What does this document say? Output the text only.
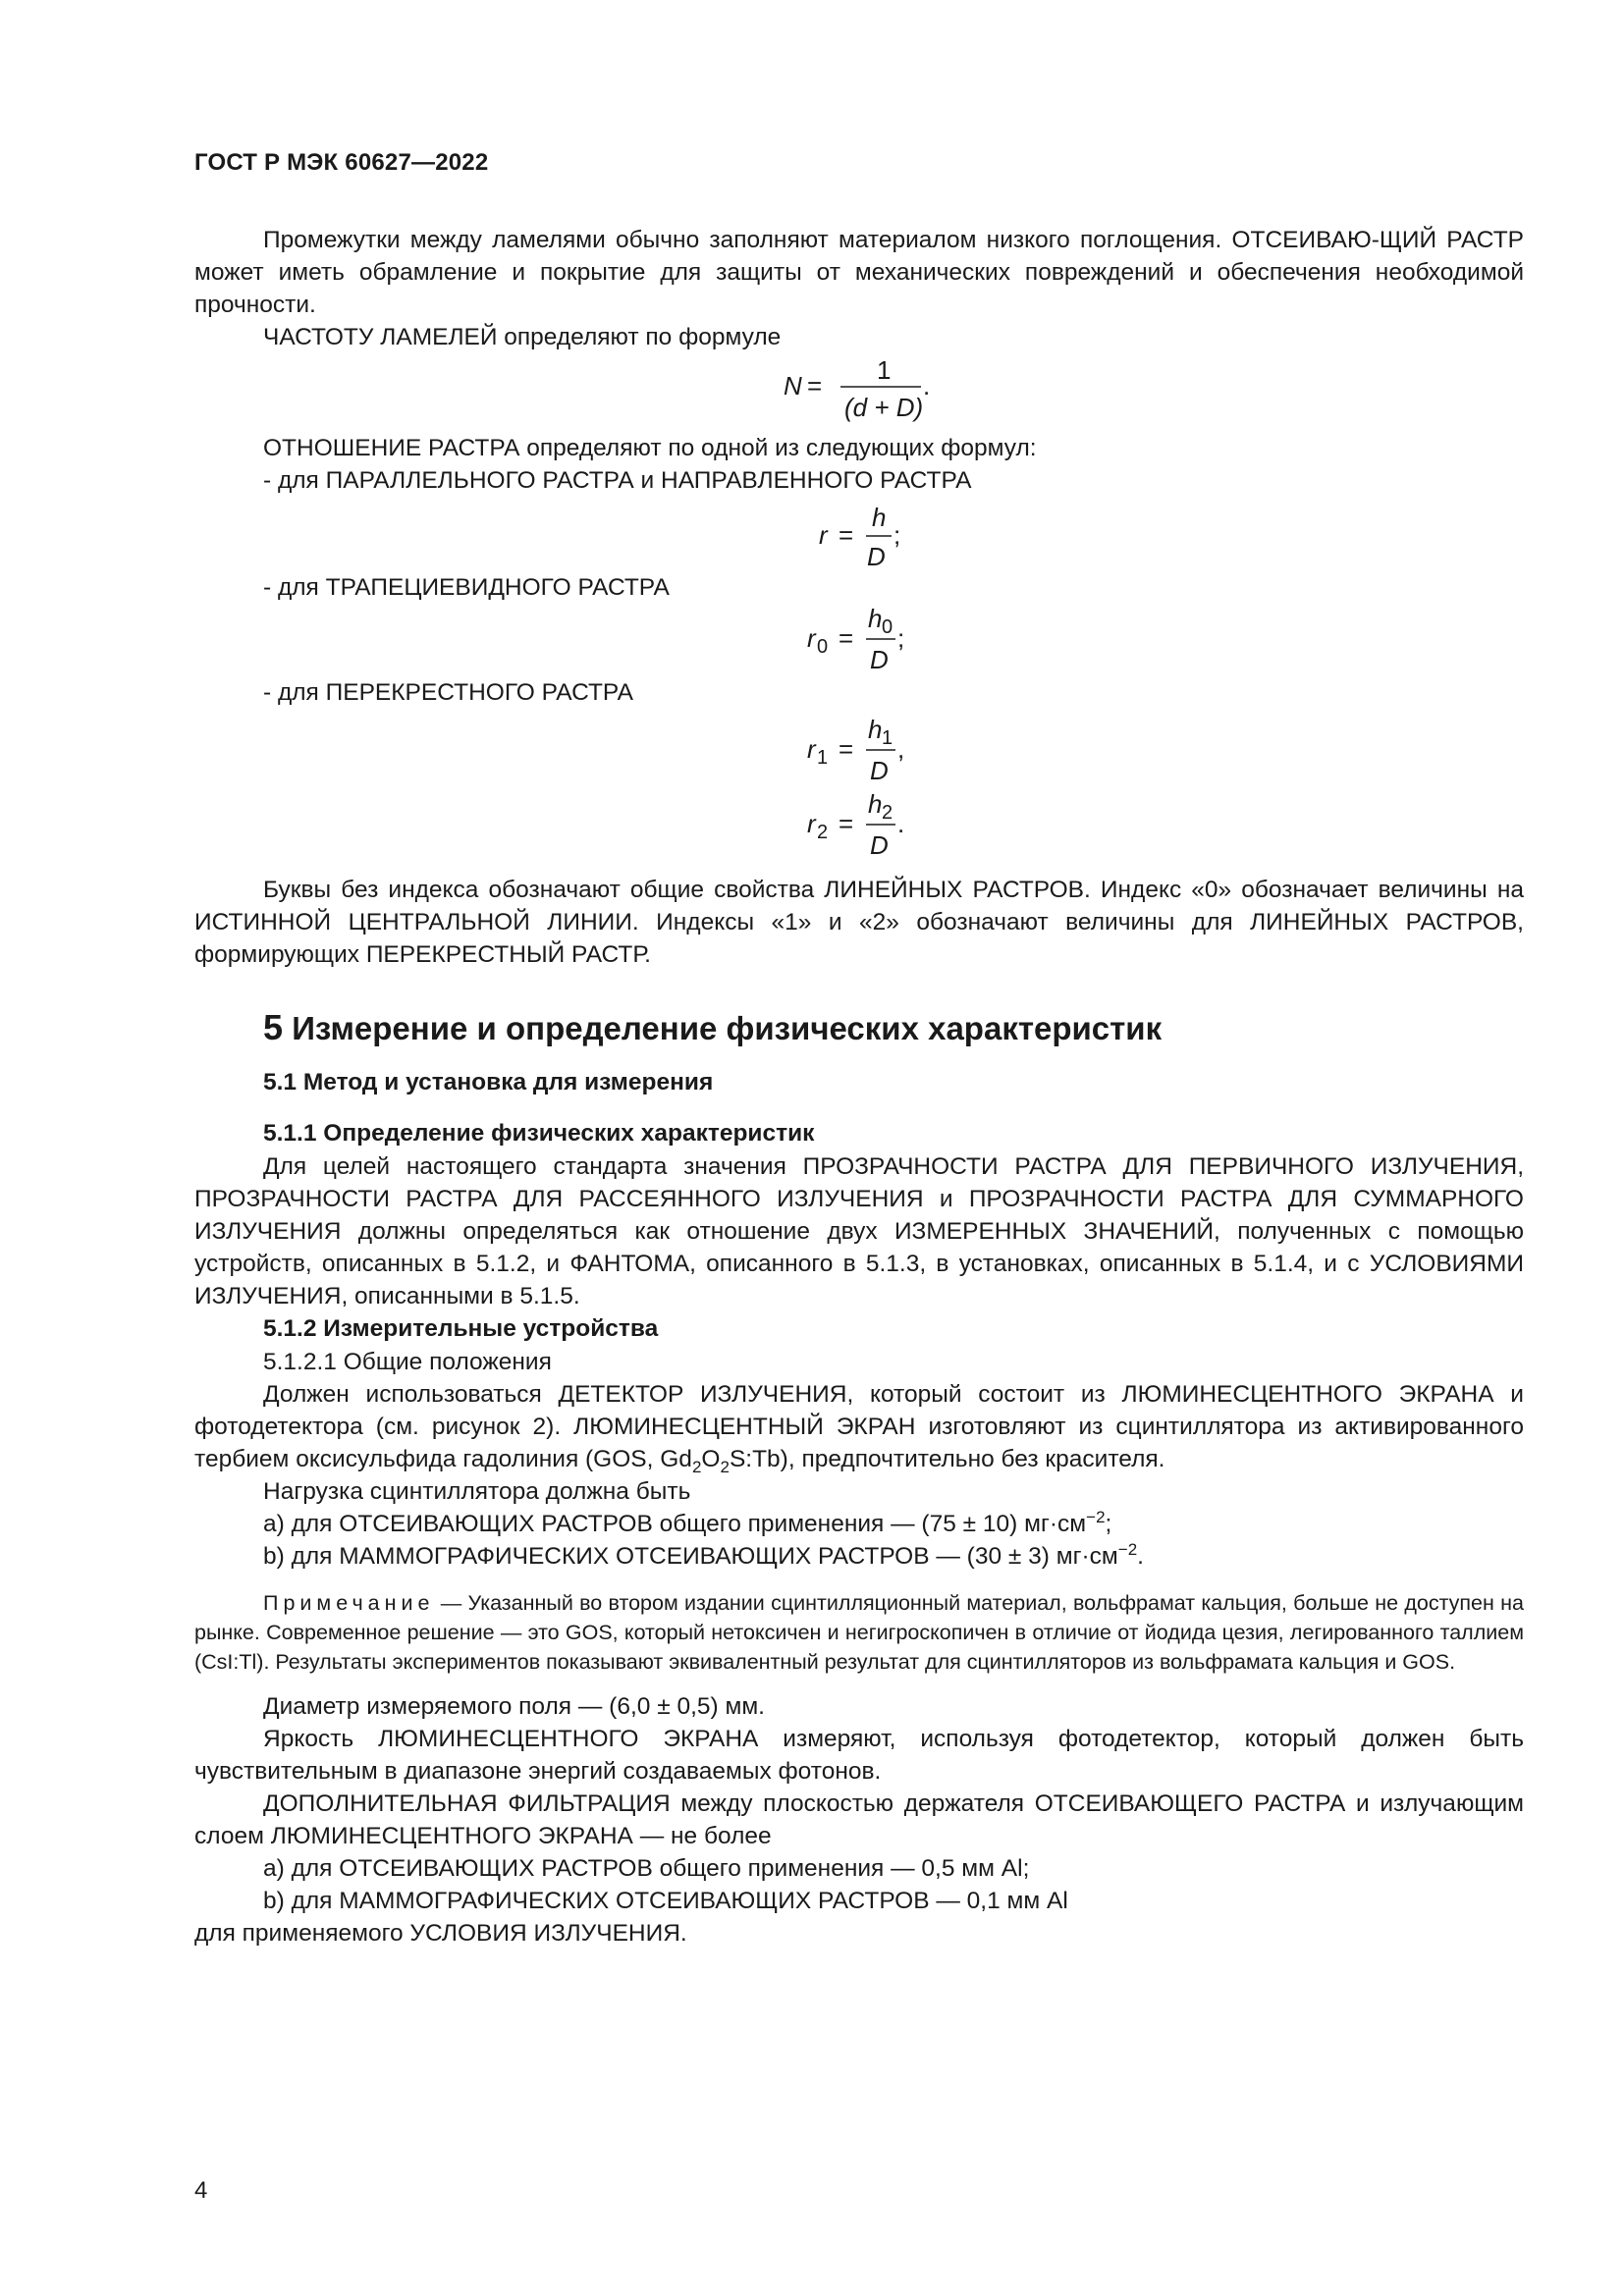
ГОСТ Р МЭК 60627—2022

Промежутки между ламелями обычно заполняют материалом низкого поглощения. ОТСЕИВАЮ-ЩИЙ РАСТР может иметь обрамление и покрытие для защиты от механических повреждений и обеспечения необходимой прочности.

ЧАСТОТУ ЛАМЕЛЕЙ определяют по формуле

N =
1
(d + D)
.

ОТНОШЕНИЕ РАСТРА определяют по одной из следующих формул:

- для ПАРАЛЛЕЛЬНОГО РАСТРА и НАПРАВЛЕННОГО РАСТРА

r =
h
D
;

- для ТРАПЕЦИЕВИДНОГО РАСТРА

r 0 =
h 0
D
;

- для ПЕРЕКРЕСТНОГО РАСТРА

r 1 =
h 1
D
,
r 2 =
h 2
D
.

Буквы без индекса обозначают общие свойства ЛИНЕЙНЫХ РАСТРОВ. Индекс «0» обозначает величины на ИСТИННОЙ ЦЕНТРАЛЬНОЙ ЛИНИИ. Индексы «1» и «2» обозначают величины для ЛИНЕЙНЫХ РАСТРОВ, формирующих ПЕРЕКРЕСТНЫЙ РАСТР.

5 Измерение и определение физических характеристик
5.1 Метод и установка для измерения
5.1.1 Определение физических характеристик

Для целей настоящего стандарта значения ПРОЗРАЧНОСТИ РАСТРА ДЛЯ ПЕРВИЧНОГО ИЗЛУЧЕНИЯ, ПРОЗРАЧНОСТИ РАСТРА ДЛЯ РАССЕЯННОГО ИЗЛУЧЕНИЯ и ПРОЗРАЧНОСТИ РАСТРА ДЛЯ СУММАРНОГО ИЗЛУЧЕНИЯ должны определяться как отношение двух ИЗМЕРЕННЫХ ЗНАЧЕНИЙ, полученных с помощью устройств, описанных в 5.1.2, и ФАНТОМА, описанного в 5.1.3, в установках, описанных в 5.1.4, и с УСЛОВИЯМИ ИЗЛУЧЕНИЯ, описанными в 5.1.5.

5.1.2 Измерительные устройства

5.1.2.1 Общие положения

Должен использоваться ДЕТЕКТОР ИЗЛУЧЕНИЯ, который состоит из ЛЮМИНЕСЦЕНТНОГО ЭКРАНА и фотодетектора (см. рисунок 2). ЛЮМИНЕСЦЕНТНЫЙ ЭКРАН изготовляют из сцинтиллятора из активированного тербием оксисульфида гадолиния (GOS, $Gd_2O_2S:Tb$), предпочтительно без красителя.

Нагрузка сцинтиллятора должна быть

a) для ОТСЕИВАЮЩИХ РАСТРОВ общего применения — (75 ± 10) $мг\cdot см^{-2}$;

b) для МАММОГРАФИЧЕСКИХ ОТСЕИВАЮЩИХ РАСТРОВ — (30 ± 3) $мг\cdot см^{-2}$.

Примечание — Указанный во втором издании сцинтилляционный материал, вольфрамат кальция, больше не доступен на рынке. Современное решение — это GOS, который нетоксичен и негигроскопичен в отличие от йодида цезия, легированного таллием (CsI:Tl). Результаты экспериментов показывают эквивалентный результат для сцинтилляторов из вольфрамата кальция и GOS.

Диаметр измеряемого поля — (6,0 ± 0,5) мм.

Яркость ЛЮМИНЕСЦЕНТНОГО ЭКРАНА измеряют, используя фотодетектор, который должен быть чувствительным в диапазоне энергий создаваемых фотонов.

ДОПОЛНИТЕЛЬНАЯ ФИЛЬТРАЦИЯ между плоскостью держателя ОТСЕИВАЮЩЕГО РАСТРА и излучающим слоем ЛЮМИНЕСЦЕНТНОГО ЭКРАНА — не более

a) для ОТСЕИВАЮЩИХ РАСТРОВ общего применения — 0,5 мм Al;

b) для МАММОГРАФИЧЕСКИХ ОТСЕИВАЮЩИХ РАСТРОВ — 0,1 мм Al

для применяемого УСЛОВИЯ ИЗЛУЧЕНИЯ.

4
